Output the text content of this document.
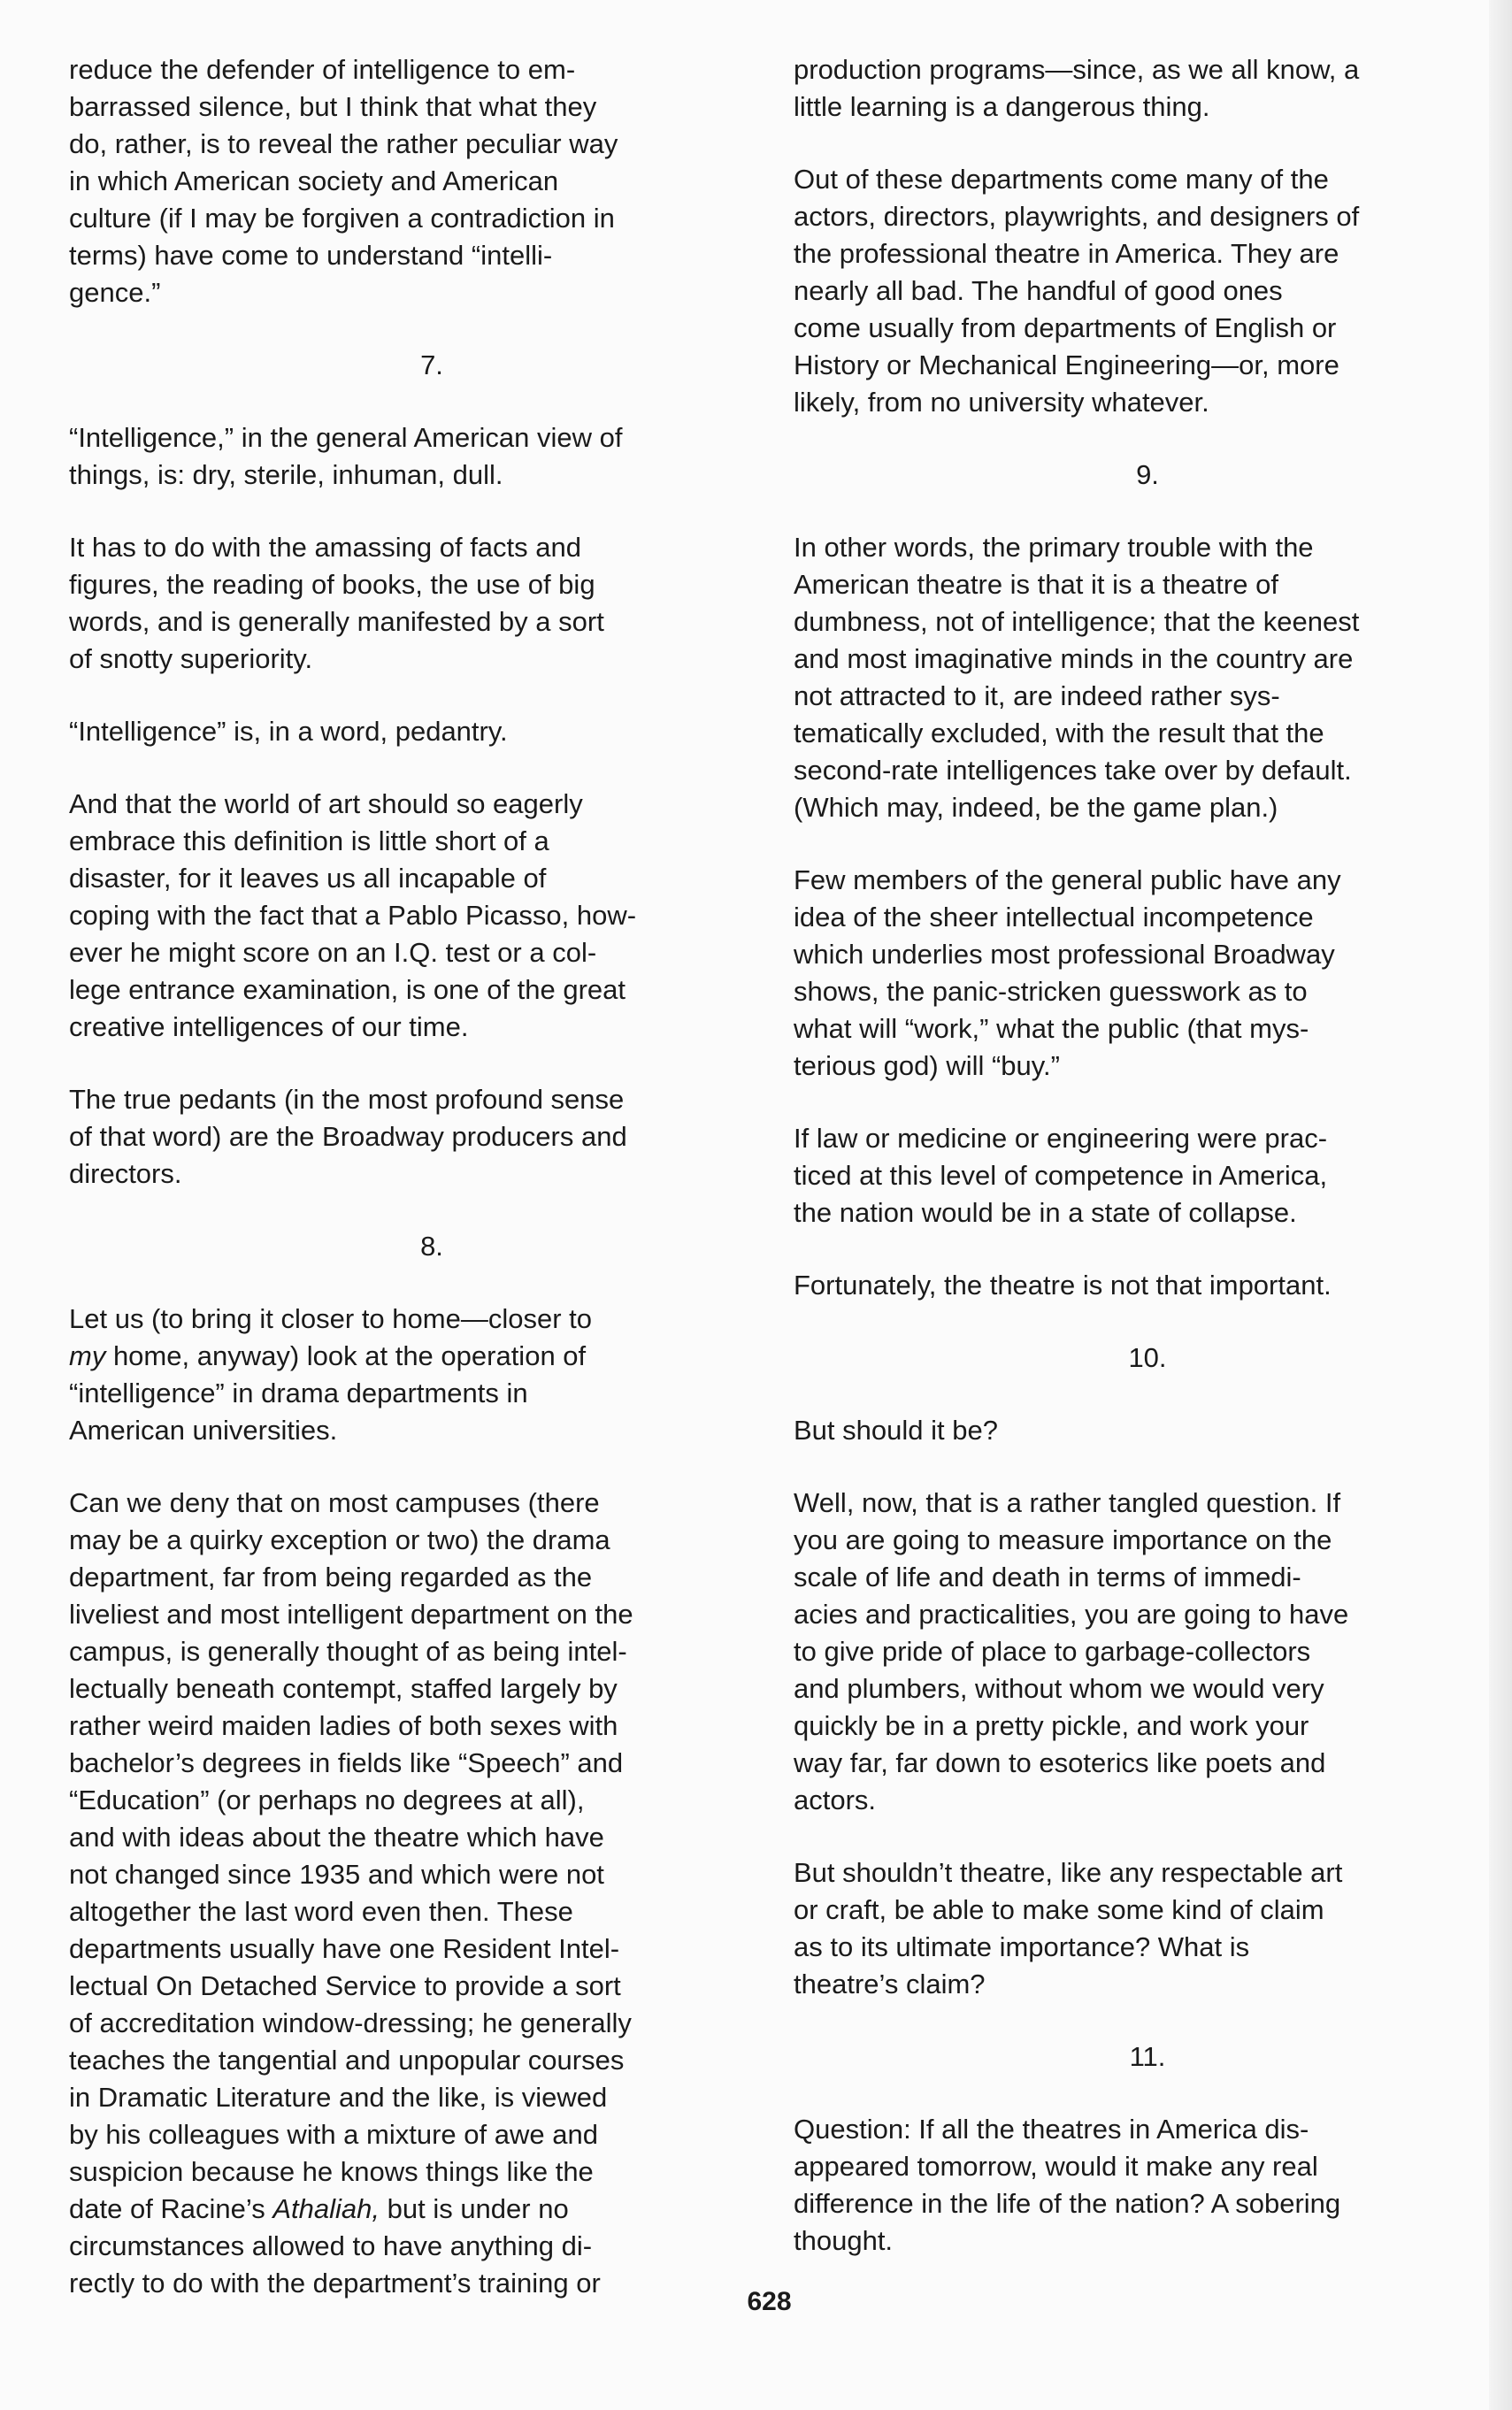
reduce the defender of intelligence to em-
barrassed silence, but I think that what they
do, rather, is to reveal the rather peculiar way
in which American society and American
culture (if I may be forgiven a contradiction in
terms) have come to understand “intelli-
gence.”
7.
“Intelligence,” in the general American view of
things, is: dry, sterile, inhuman, dull.
It has to do with the amassing of facts and
figures, the reading of books, the use of big
words, and is generally manifested by a sort
of snotty superiority.
“Intelligence” is, in a word, pedantry.
And that the world of art should so eagerly
embrace this definition is little short of a
disaster, for it leaves us all incapable of
coping with the fact that a Pablo Picasso, how-
ever he might score on an I.Q. test or a col-
lege entrance examination, is one of the great
creative intelligences of our time.
The true pedants (in the most profound sense
of that word) are the Broadway producers and
directors.
8.
Let us (to bring it closer to home—closer to
my home, anyway) look at the operation of
“intelligence” in drama departments in
American universities.
Can we deny that on most campuses (there
may be a quirky exception or two) the drama
department, far from being regarded as the
liveliest and most intelligent department on the
campus, is generally thought of as being intel-
lectually beneath contempt, staffed largely by
rather weird maiden ladies of both sexes with
bachelor’s degrees in fields like “Speech” and
“Education” (or perhaps no degrees at all),
and with ideas about the theatre which have
not changed since 1935 and which were not
altogether the last word even then. These
departments usually have one Resident Intel-
lectual On Detached Service to provide a sort
of accreditation window-dressing; he generally
teaches the tangential and unpopular courses
in Dramatic Literature and the like, is viewed
by his colleagues with a mixture of awe and
suspicion because he knows things like the
date of Racine’s Athaliah, but is under no
circumstances allowed to have anything di-
rectly to do with the department’s training or
production programs—since, as we all know, a
little learning is a dangerous thing.
Out of these departments come many of the
actors, directors, playwrights, and designers of
the professional theatre in America. They are
nearly all bad. The handful of good ones
come usually from departments of English or
History or Mechanical Engineering—or, more
likely, from no university whatever.
9.
In other words, the primary trouble with the
American theatre is that it is a theatre of
dumbness, not of intelligence; that the keenest
and most imaginative minds in the country are
not attracted to it, are indeed rather sys-
tematically excluded, with the result that the
second-rate intelligences take over by default.
(Which may, indeed, be the game plan.)
Few members of the general public have any
idea of the sheer intellectual incompetence
which underlies most professional Broadway
shows, the panic-stricken guesswork as to
what will “work,” what the public (that mys-
terious god) will “buy.”
If law or medicine or engineering were prac-
ticed at this level of competence in America,
the nation would be in a state of collapse.
Fortunately, the theatre is not that important.
10.
But should it be?
Well, now, that is a rather tangled question. If
you are going to measure importance on the
scale of life and death in terms of immedi-
acies and practicalities, you are going to have
to give pride of place to garbage-collectors
and plumbers, without whom we would very
quickly be in a pretty pickle, and work your
way far, far down to esoterics like poets and
actors.
But shouldn’t theatre, like any respectable art
or craft, be able to make some kind of claim
as to its ultimate importance? What is
theatre’s claim?
11.
Question: If all the theatres in America dis-
appeared tomorrow, would it make any real
difference in the life of the nation? A sobering
thought.
628
